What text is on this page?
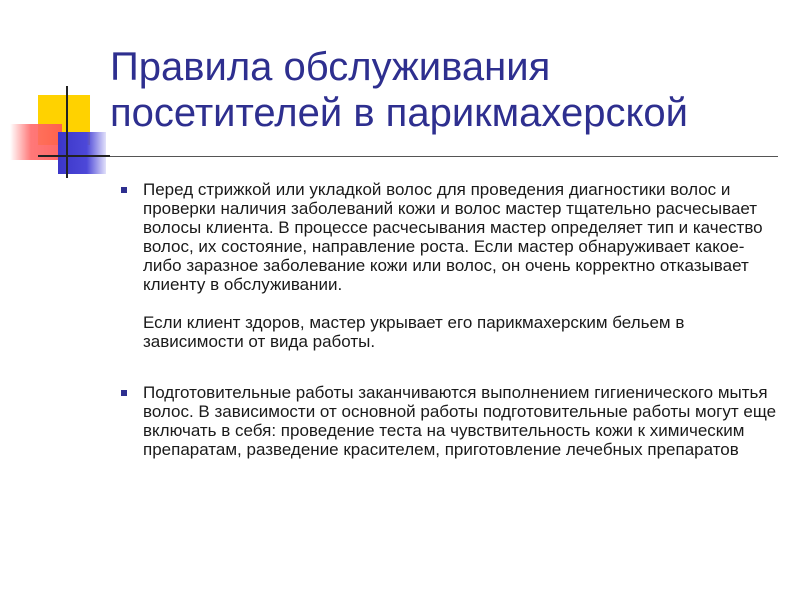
Правила обслуживания посетителей в парикмахерской

Перед стрижкой или укладкой волос для проведения диагностики волос и проверки наличия заболеваний кожи и волос мастер тщательно расчесывает волосы клиента. В процессе расчесывания мастер определяет тип и качество волос, их состояние, направление роста. Если мастер обнаруживает какое-либо заразное заболевание кожи или волос, он очень корректно отказывает клиенту в обслуживании.

Если клиент здоров, мастер укрывает его парикмахерским бельем в зависимости от вида работы.

Подготовительные работы заканчиваются выполнением гигиенического мытья волос. В зависимости от основной работы подготовительные работы могут еще включать в себя: проведение теста на чувствительность кожи к химическим препаратам, разведение красителем, приготовление лечебных препаратов
